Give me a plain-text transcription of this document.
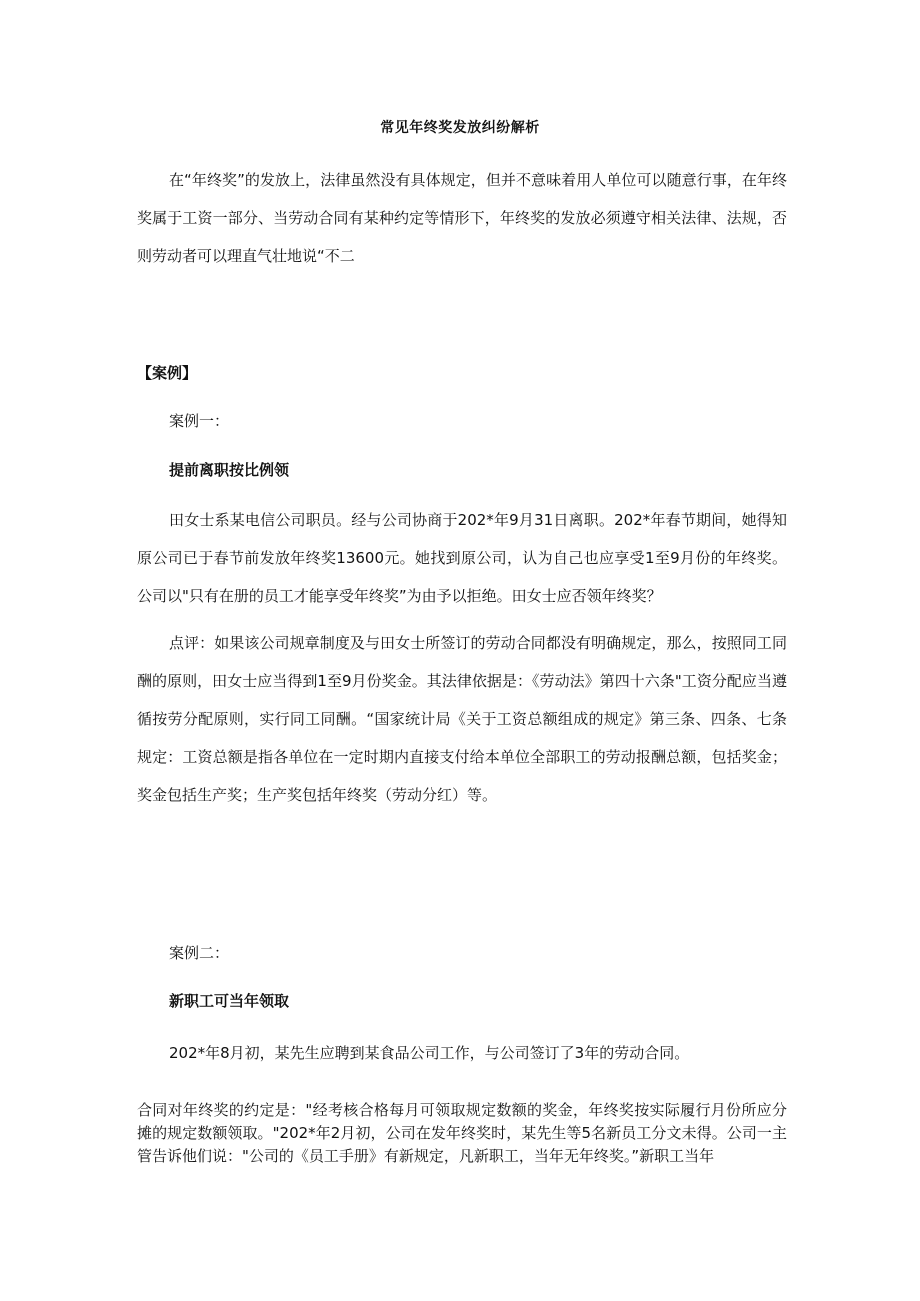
常见年终奖发放纠纷解析
在“年终奖”的发放上，法律虽然没有具体规定，但并不意味着用人单位可以随意行事，在年终奖属于工资一部分、当劳动合同有某种约定等情形下，年终奖的发放必须遵守相关法律、法规，否则劳动者可以理直气壮地说“不二
【案例】
案例一：
提前离职按比例领
田女士系某电信公司职员。经与公司协商于202*年9月31日离职。202*年春节期间，她得知原公司已于春节前发放年终奖13600元。她找到原公司，认为自己也应享受1至9月份的年终奖。公司以"只有在册的员工才能享受年终奖”为由予以拒绝。田女士应否领年终奖？
点评：如果该公司规章制度及与田女士所签订的劳动合同都没有明确规定，那么，按照同工同酬的原则，田女士应当得到1至9月份奖金。其法律依据是：《劳动法》第四十六条"工资分配应当遵循按劳分配原则，实行同工同酬。“国家统计局《关于工资总额组成的规定》第三条、四条、七条规定：工资总额是指各单位在一定时期内直接支付给本单位全部职工的劳动报酬总额，包括奖金；奖金包括生产奖；生产奖包括年终奖（劳动分红）等。
案例二：
新职工可当年领取
202*年8月初，某先生应聘到某食品公司工作，与公司签订了3年的劳动合同。
合同对年终奖的约定是："经考核合格每月可领取规定数额的奖金，年终奖按实际履行月份所应分摊的规定数额领取。"202*年2月初，公司在发年终奖时，某先生等5名新员工分文未得。公司一主管告诉他们说："公司的《员工手册》有新规定，凡新职工，当年无年终奖。”新职工当年
